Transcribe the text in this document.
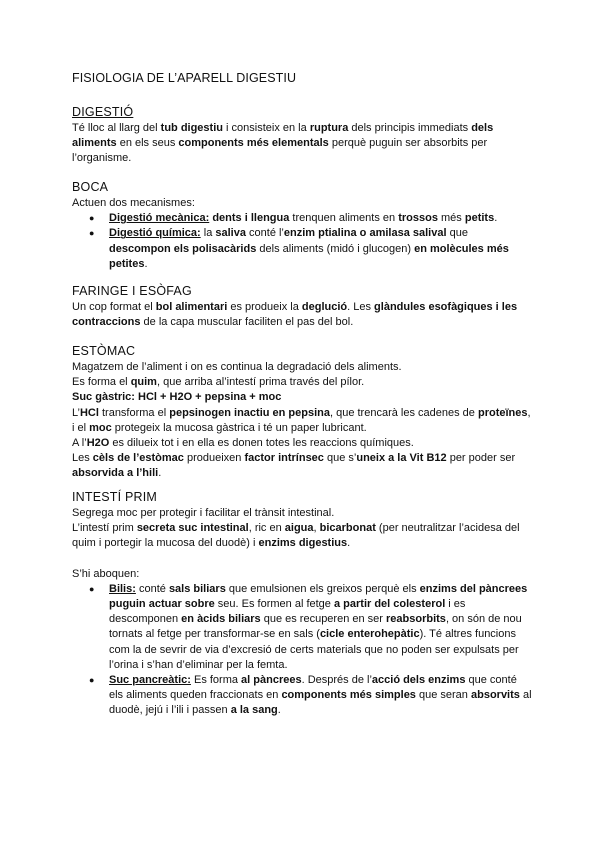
FISIOLOGIA DE L’APARELL DIGESTIU
DIGESTIÓ

Té lloc al llarg del tub digestiu i consisteix en la ruptura dels principis immediats dels aliments en els seus components més elementals perquè puguin ser absorbits per l’organisme.

BOCA

Actuen dos mecanismes:

● Digestió mecànica: dents i llengua trenquen aliments en trossos més petits.
● Digestió química: la saliva conté l’enzim ptialina o amilasa salival que descompon els polisacàrids dels aliments (midó i glucogen) en molècules més petites.
FARINGE I ESÒFAG

Un cop format el bol alimentari es produeix la deglució. Les glàndules esofàgiques i les contraccions de la capa muscular faciliten el pas del bol.

ESTÒMAC

Magatzem de l’aliment i on es continua la degradació dels aliments.

Es forma el quim, que arriba al’intestí prima través del pílor.

Suc gàstric: HCl + H2O + pepsina + moc

L’HCl transforma el pepsinogen inactiu en pepsina, que trencarà les cadenes de proteïnes, i el moc protegeix la mucosa gàstrica i té un paper lubricant.

A l’H2O es dilueix tot i en ella es donen totes les reaccions químiques.

Les cèls de l’estòmac produeixen factor intrínsec que s’uneix a la Vit B12 per poder ser absorvida a l’hili.

INTESTÍ PRIM

Segrega moc per protegir i facilitar el trànsit intestinal.

L’intestí prim secreta suc intestinal, ric en aigua, bicarbonat (per neutralitzar l’acidesa del quim i portegir la mucosa del duodè) i enzims digestius.

S’hi aboquen:

● Bilis: conté sals biliars que emulsionen els greixos perquè els enzims del pàncrees puguin actuar sobre seu. Es formen al fetge a partir del colesterol i es descomponen en àcids biliars que es recuperen en ser reabsorbits, on són de nou tornats al fetge per transformar-se en sals (cicle enterohepàtic). Té altres funcions com la de sevrir de via d’excresió de certs materials que no poden ser expulsats per l’orina i s’han d’eliminar per la femta.
● Suc pancreàtic: Es forma al pàncrees. Després de l’acció dels enzims que conté els aliments queden fraccionats en components més simples que seran absorvits al duodè, jejú i l’ili i passen a la sang.
